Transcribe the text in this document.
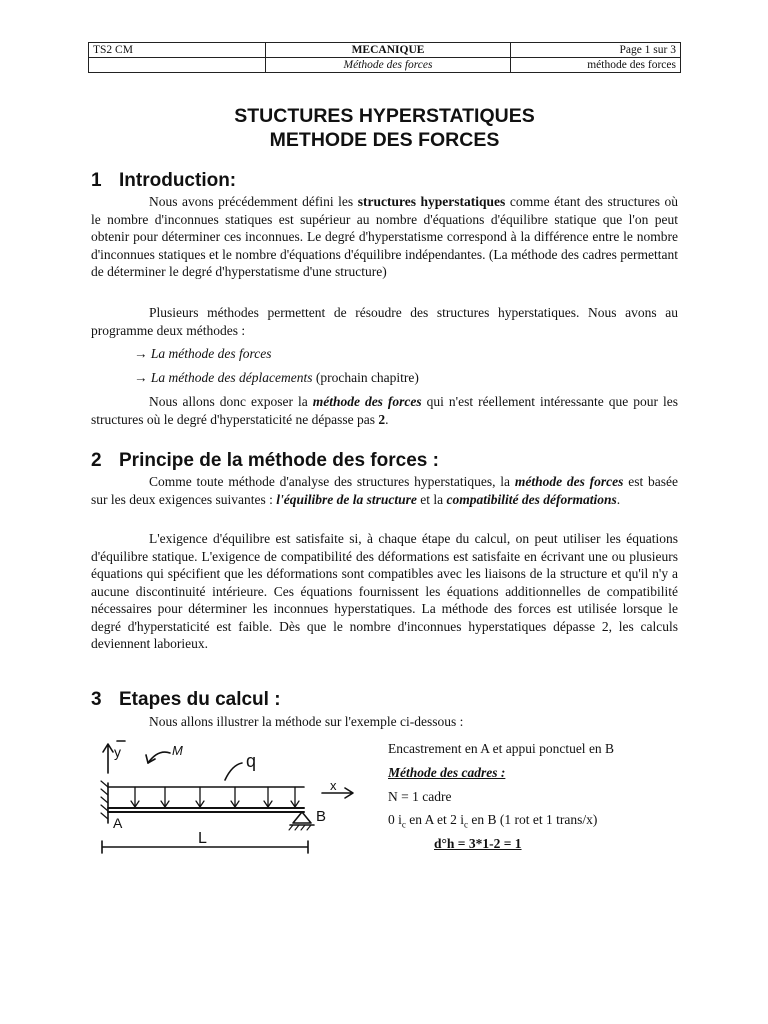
TS2 CM	MECANIQUE	Page 1 sur 3
	Méthode des forces	méthode des forces
STUCTURES HYPERSTATIQUES
METHODE DES FORCES
1 Introduction:

Nous avons précédemment défini les structures hyperstatiques comme étant des structures où le nombre d'inconnues statiques est supérieur au nombre d'équations d'équilibre statique que l'on peut obtenir pour déterminer ces inconnues. Le degré d'hyperstatisme correspond à la différence entre le nombre d'inconnues statiques et le nombre d'équations d'équilibre indépendantes. (La méthode des cadres permettant de déterminer le degré d'hyperstatisme d'une structure)

Plusieurs méthodes permettent de résoudre des structures hyperstatiques. Nous avons au programme deux méthodes :

→ La méthode des forces
→ La méthode des déplacements (prochain chapitre)

Nous allons donc exposer la méthode des forces qui n'est réellement intéressante que pour les structures où le degré d'hyperstaticité ne dépasse pas 2.

2 Principe de la méthode des forces :

Comme toute méthode d'analyse des structures hyperstatiques, la méthode des forces est basée sur les deux exigences suivantes : l'équilibre de la structure et la compatibilité des déformations.

L'exigence d'équilibre est satisfaite si, à chaque étape du calcul, on peut utiliser les équations d'équilibre statique. L'exigence de compatibilité des déformations est satisfaite en écrivant une ou plusieurs équations qui spécifient que les déformations sont compatibles avec les liaisons de la structure et qu'il n'y a aucune discontinuité intérieure. Ces équations fournissent les équations additionnelles de compatibilité nécessaires pour déterminer les inconnues hyperstatiques. La méthode des forces est utilisée lorsque le degré d'hyperstaticité est faible. Dès que le nombre d'inconnues hyperstatiques dépasse 2, les calculs deviennent laborieux.

3 Etapes du calcul :
Nous allons illustrer la méthode sur l'exemple ci-dessous :
Encastrement en A et appui ponctuel en B
Méthode des cadres :
N = 1 cadre
0 $i_c$ en A et 2 $i_c$ en B (1 rot et 1 trans/x)
d°h = 3*1-2 = 1
y	M
q
x
A	B
L
